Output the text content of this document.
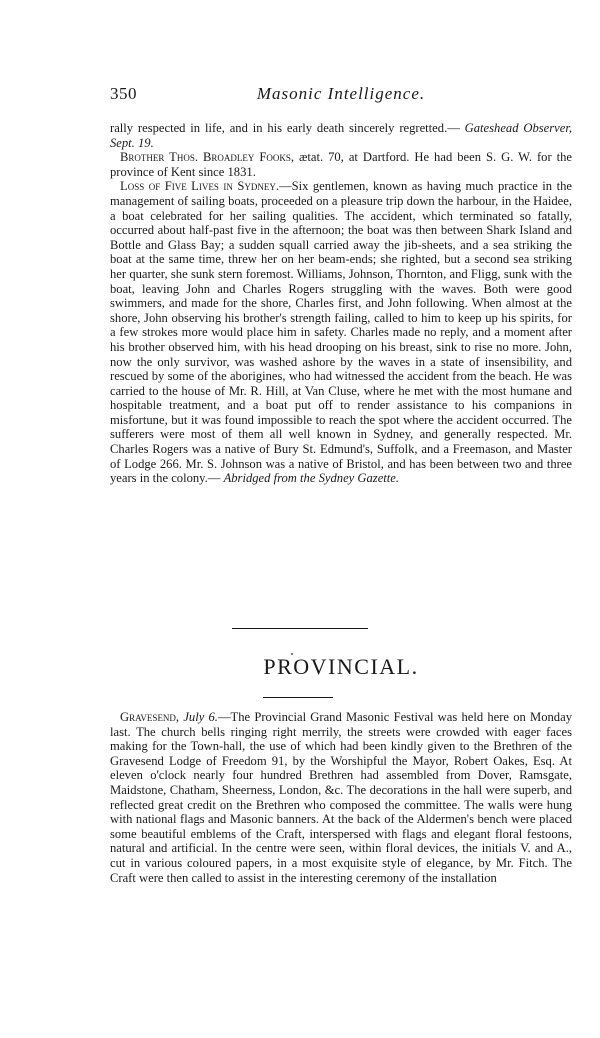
350	Masonic Intelligence.

rally respected in life, and in his early death sincerely regretted.— Gateshead Observer, Sept. 19.

Brother Thos. Broadley Fooks, ætat. 70, at Dartford. He had been S. G. W. for the province of Kent since 1831.

Loss of Five Lives in Sydney.—Six gentlemen, known as having much practice in the management of sailing boats, proceeded on a pleasure trip down the harbour, in the Haidee, a boat celebrated for her sailing qualities. The accident, which terminated so fatally, occurred about half-past five in the afternoon; the boat was then between Shark Island and Bottle and Glass Bay; a sudden squall carried away the jib-sheets, and a sea striking the boat at the same time, threw her on her beam-ends; she righted, but a second sea striking her quarter, she sunk stern foremost. Williams, Johnson, Thornton, and Fligg, sunk with the boat, leaving John and Charles Rogers struggling with the waves. Both were good swimmers, and made for the shore, Charles first, and John following. When almost at the shore, John observing his brother's strength failing, called to him to keep up his spirits, for a few strokes more would place him in safety. Charles made no reply, and a moment after his brother observed him, with his head drooping on his breast, sink to rise no more. John, now the only survivor, was washed ashore by the waves in a state of insensibility, and rescued by some of the aborigines, who had witnessed the accident from the beach. He was carried to the house of Mr. R. Hill, at Van Cluse, where he met with the most humane and hospitable treatment, and a boat put off to render assistance to his companions in misfortune, but it was found impossible to reach the spot where the accident occurred. The sufferers were most of them all well known in Sydney, and generally respected. Mr. Charles Rogers was a native of Bury St. Edmund's, Suffolk, and a Freemason, and Master of Lodge 266. Mr. S. Johnson was a native of Bristol, and has been between two and three years in the colony.— Abridged from the Sydney Gazette.

PROVINCIAL.

Gravesend, July 6.—The Provincial Grand Masonic Festival was held here on Monday last. The church bells ringing right merrily, the streets were crowded with eager faces making for the Town-hall, the use of which had been kindly given to the Brethren of the Gravesend Lodge of Freedom 91, by the Worshipful the Mayor, Robert Oakes, Esq. At eleven o'clock nearly four hundred Brethren had assembled from Dover, Ramsgate, Maidstone, Chatham, Sheerness, London, &c. The decorations in the hall were superb, and reflected great credit on the Brethren who composed the committee. The walls were hung with national flags and Masonic banners. At the back of the Aldermen's bench were placed some beautiful emblems of the Craft, interspersed with flags and elegant floral festoons, natural and artificial. In the centre were seen, within floral devices, the initials V. and A., cut in various coloured papers, in a most exquisite style of elegance, by Mr. Fitch. The Craft were then called to assist in the interesting ceremony of the installation
